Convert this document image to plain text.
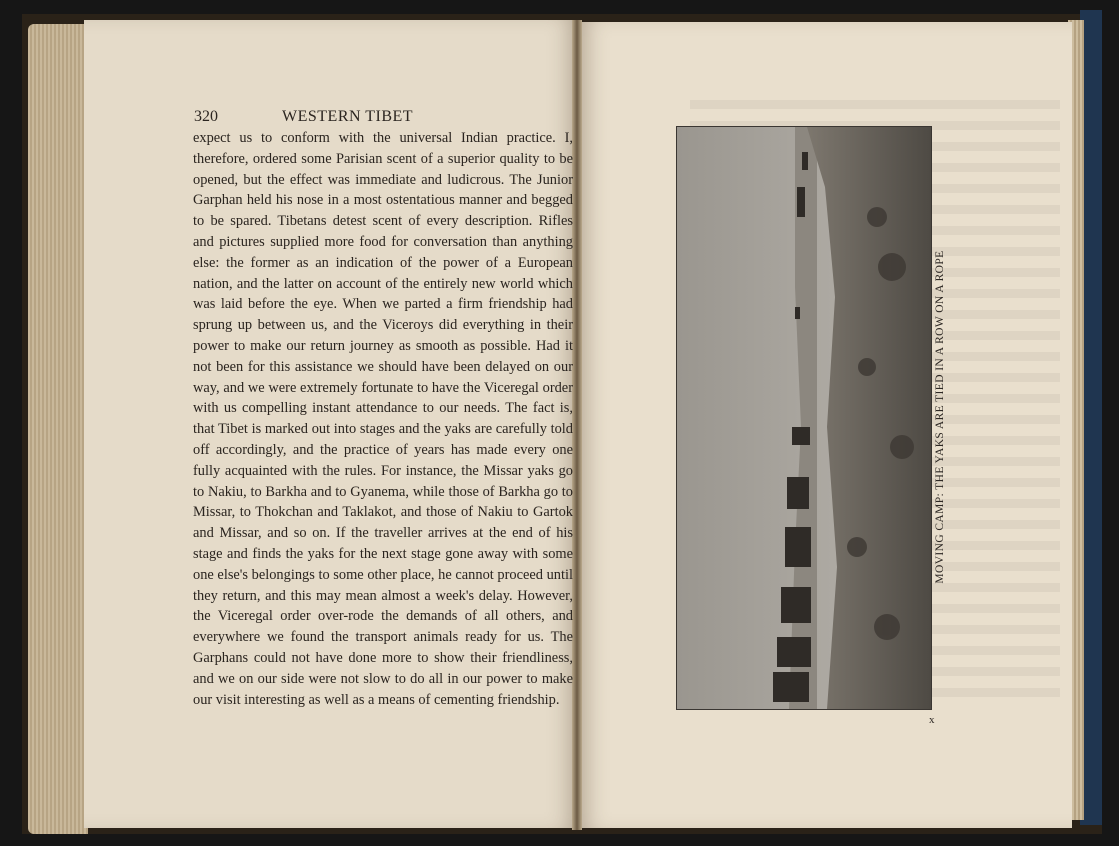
320	WESTERN TIBET

expect us to conform with the universal Indian practice. I, therefore, ordered some Parisian scent of a superior quality to be opened, but the effect was immediate and ludicrous. The Junior Garphan held his nose in a most ostentatious manner and begged to be spared. Tibetans detest scent of every description. Rifles and pictures supplied more food for conversation than anything else: the former as an indication of the power of a European nation, and the latter on account of the entirely new world which was laid before the eye. When we parted a firm friendship had sprung up between us, and the Viceroys did everything in their power to make our return journey as smooth as possible. Had it not been for this assistance we should have been delayed on our way, and we were extremely fortunate to have the Viceregal order with us compelling instant attendance to our needs. The fact is, that Tibet is marked out into stages and the yaks are carefully told off accordingly, and the practice of years has made every one fully acquainted with the rules. For instance, the Missar yaks go to Nakiu, to Barkha and to Gyanema, while those of Barkha go to Missar, to Thokchan and Taklakot, and those of Nakiu to Gartok and Missar, and so on. If the traveller arrives at the end of his stage and finds the yaks for the next stage gone away with some one else's belongings to some other place, he cannot proceed until they return, and this may mean almost a week's delay. However, the Viceregal order over-rode the demands of all others, and everywhere we found the transport animals ready for us. The Garphans could not have done more to show their friendliness, and we on our side were not slow to do all in our power to make our visit interesting as well as a means of cementing friendship.

MOVING CAMP: THE YAKS ARE TIED IN A ROW ON A ROPE
x
